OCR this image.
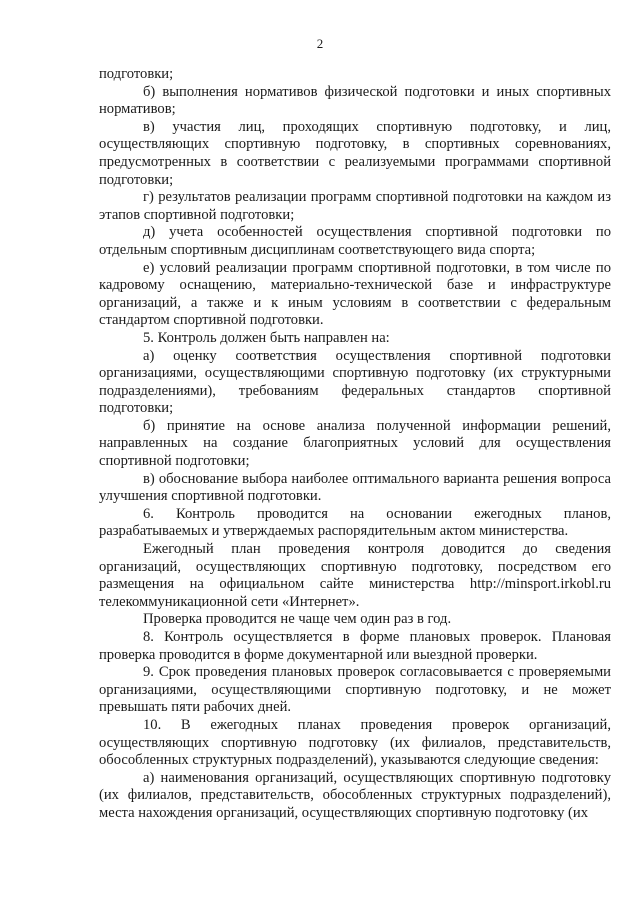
2

подготовки;

б) выполнения нормативов физической подготовки и иных спортивных нормативов;

в) участия лиц, проходящих спортивную подготовку, и лиц, осуществляющих спортивную подготовку, в спортивных соревнованиях, предусмотренных в соответствии с реализуемыми программами спортивной подготовки;

г) результатов реализации программ спортивной подготовки на каждом из этапов спортивной подготовки;

д) учета особенностей осуществления спортивной подготовки по отдельным спортивным дисциплинам соответствующего вида спорта;

е) условий реализации программ спортивной подготовки, в том числе по кадровому оснащению, материально-технической базе и инфраструктуре организаций, а также и к иным условиям в соответствии с федеральным стандартом спортивной подготовки.

5. Контроль должен быть направлен на:

а) оценку соответствия осуществления спортивной подготовки организациями, осуществляющими спортивную подготовку (их структурными подразделениями), требованиям федеральных стандартов спортивной подготовки;

б) принятие на основе анализа полученной информации решений, направленных на создание благоприятных условий для осуществления спортивной подготовки;

в) обоснование выбора наиболее оптимального варианта решения вопроса улучшения спортивной подготовки.

6. Контроль проводится на основании ежегодных планов, разрабатываемых и утверждаемых распорядительным актом министерства.

Ежегодный план проведения контроля доводится до сведения организаций, осуществляющих спортивную подготовку, посредством его размещения на официальном сайте министерства http://minsport.irkobl.ru телекоммуникационной сети «Интернет».

Проверка проводится не чаще чем один раз в год.

8. Контроль осуществляется в форме плановых проверок. Плановая проверка проводится в форме документарной или выездной проверки.

9. Срок проведения плановых проверок согласовывается с проверяемыми организациями, осуществляющими спортивную подготовку, и не может превышать пяти рабочих дней.

10. В ежегодных планах проведения проверок организаций, осуществляющих спортивную подготовку (их филиалов, представительств, обособленных структурных подразделений), указываются следующие сведения:

а) наименования организаций, осуществляющих спортивную подготовку (их филиалов, представительств, обособленных структурных подразделений), места нахождения организаций, осуществляющих спортивную подготовку (их
